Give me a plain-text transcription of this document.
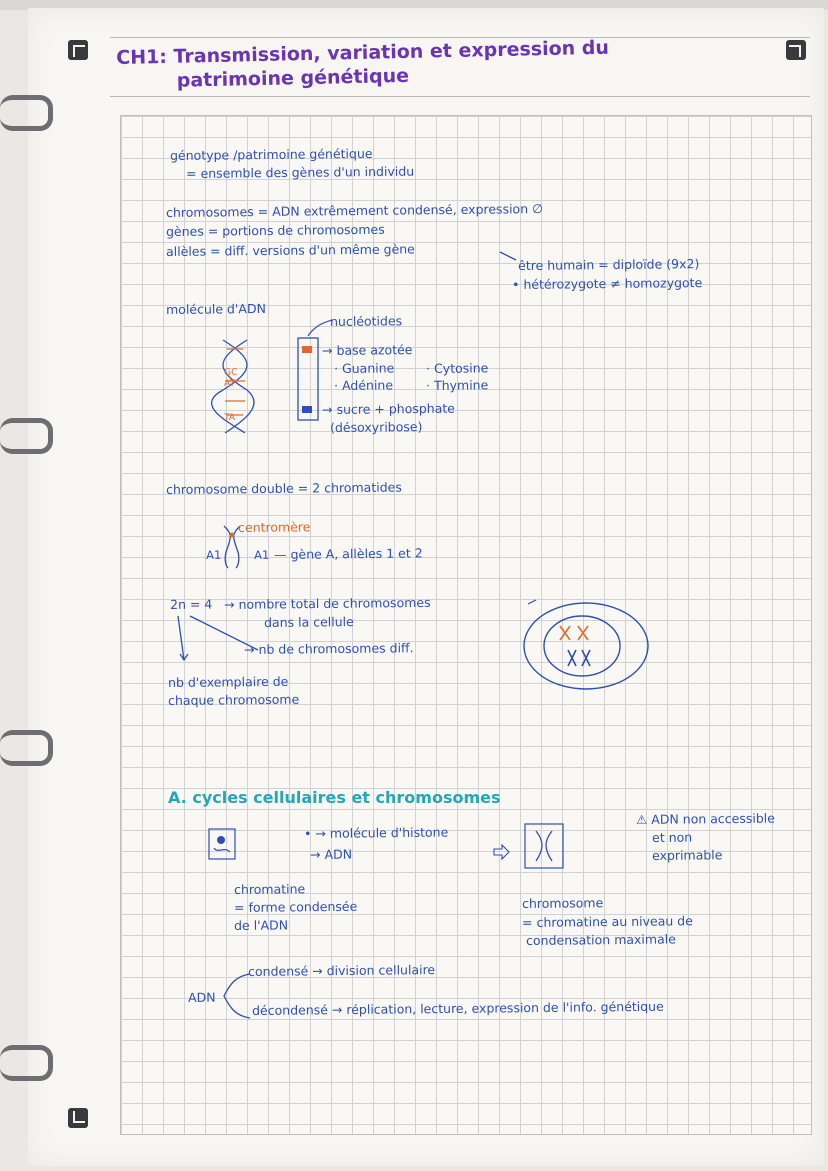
CH1: Transmission, variation et expression du
patrimoine génétique
génotype /patrimoine génétique
= ensemble des gènes d'un individu
chromosomes = ADN extrêmement condensé, expression ∅
gènes = portions de chromosomes
allèles = diff. versions d'un même gène
être humain = diploïde (9x2)
• hétérozygote ≠ homozygote
molécule d'ADN
GC
AT
TA
nucléotides
→ base azotée
· Guanine	· Cytosine
· Adénine	· Thymine
→ sucre + phosphate
(désoxyribose)
chromosome double = 2 chromatides
centromère
A1	A1 — gène A, allèles 1 et 2
2n = 4 → nombre total de chromosomes
dans la cellule
→ nb de chromosomes diff.
nb d'exemplaire de
chaque chromosome
A. cycles cellulaires et chromosomes
• → molécule d'histone
→ ADN
chromatine
= forme condensée
de l'ADN
⚠ ADN non accessible
et non
exprimable
chromosome
= chromatine au niveau de
condensation maximale
ADN
condensé → division cellulaire
décondensé → réplication, lecture, expression de l'info. génétique
